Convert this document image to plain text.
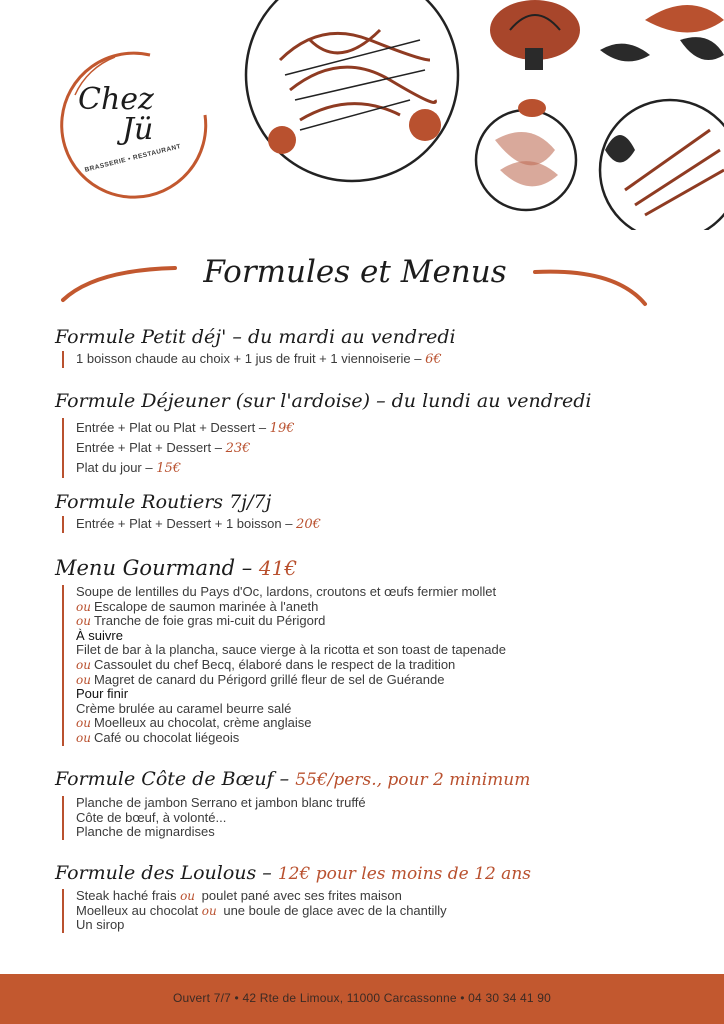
Chez
Jü
BRASSERIE • RESTAURANT
Formules et Menus
Formule Petit déj' – du mardi au vendredi
1 boisson chaude au choix + 1 jus de fruit + 1 viennoiserie – 6€
Formule Déjeuner (sur l'ardoise) – du lundi au vendredi
Entrée + Plat ou Plat + Dessert – 19€
Entrée + Plat + Dessert – 23€
Plat du jour – 15€
Formule Routiers 7j/7j
Entrée + Plat + Dessert + 1 boisson – 20€
Menu Gourmand – 41€
Soupe de lentilles du Pays d'Oc, lardons, croutons et œufs fermier mollet
ou Escalope de saumon marinée à l'aneth
ou Tranche de foie gras mi-cuit du Périgord
À suivre
Filet de bar à la plancha, sauce vierge à la ricotta et son toast de tapenade
ou Cassoulet du chef Becq, élaboré dans le respect de la tradition
ou Magret de canard du Périgord grillé fleur de sel de Guérande
Pour finir
Crème brulée au caramel beurre salé
ou Moelleux au chocolat, crème anglaise
ou Café ou chocolat liégeois
Formule Côte de Bœuf – 55€/pers., pour 2 minimum
Planche de jambon Serrano et jambon blanc truffé
Côte de bœuf, à volonté...
Planche de mignardises
Formule des Loulous – 12€ pour les moins de 12 ans
Steak haché frais ou poulet pané avec ses frites maison
Moelleux au chocolat ou une boule de glace avec de la chantilly
Un sirop
Ouvert 7/7 • 42 Rte de Limoux, 11000 Carcassonne • 04 30 34 41 90
